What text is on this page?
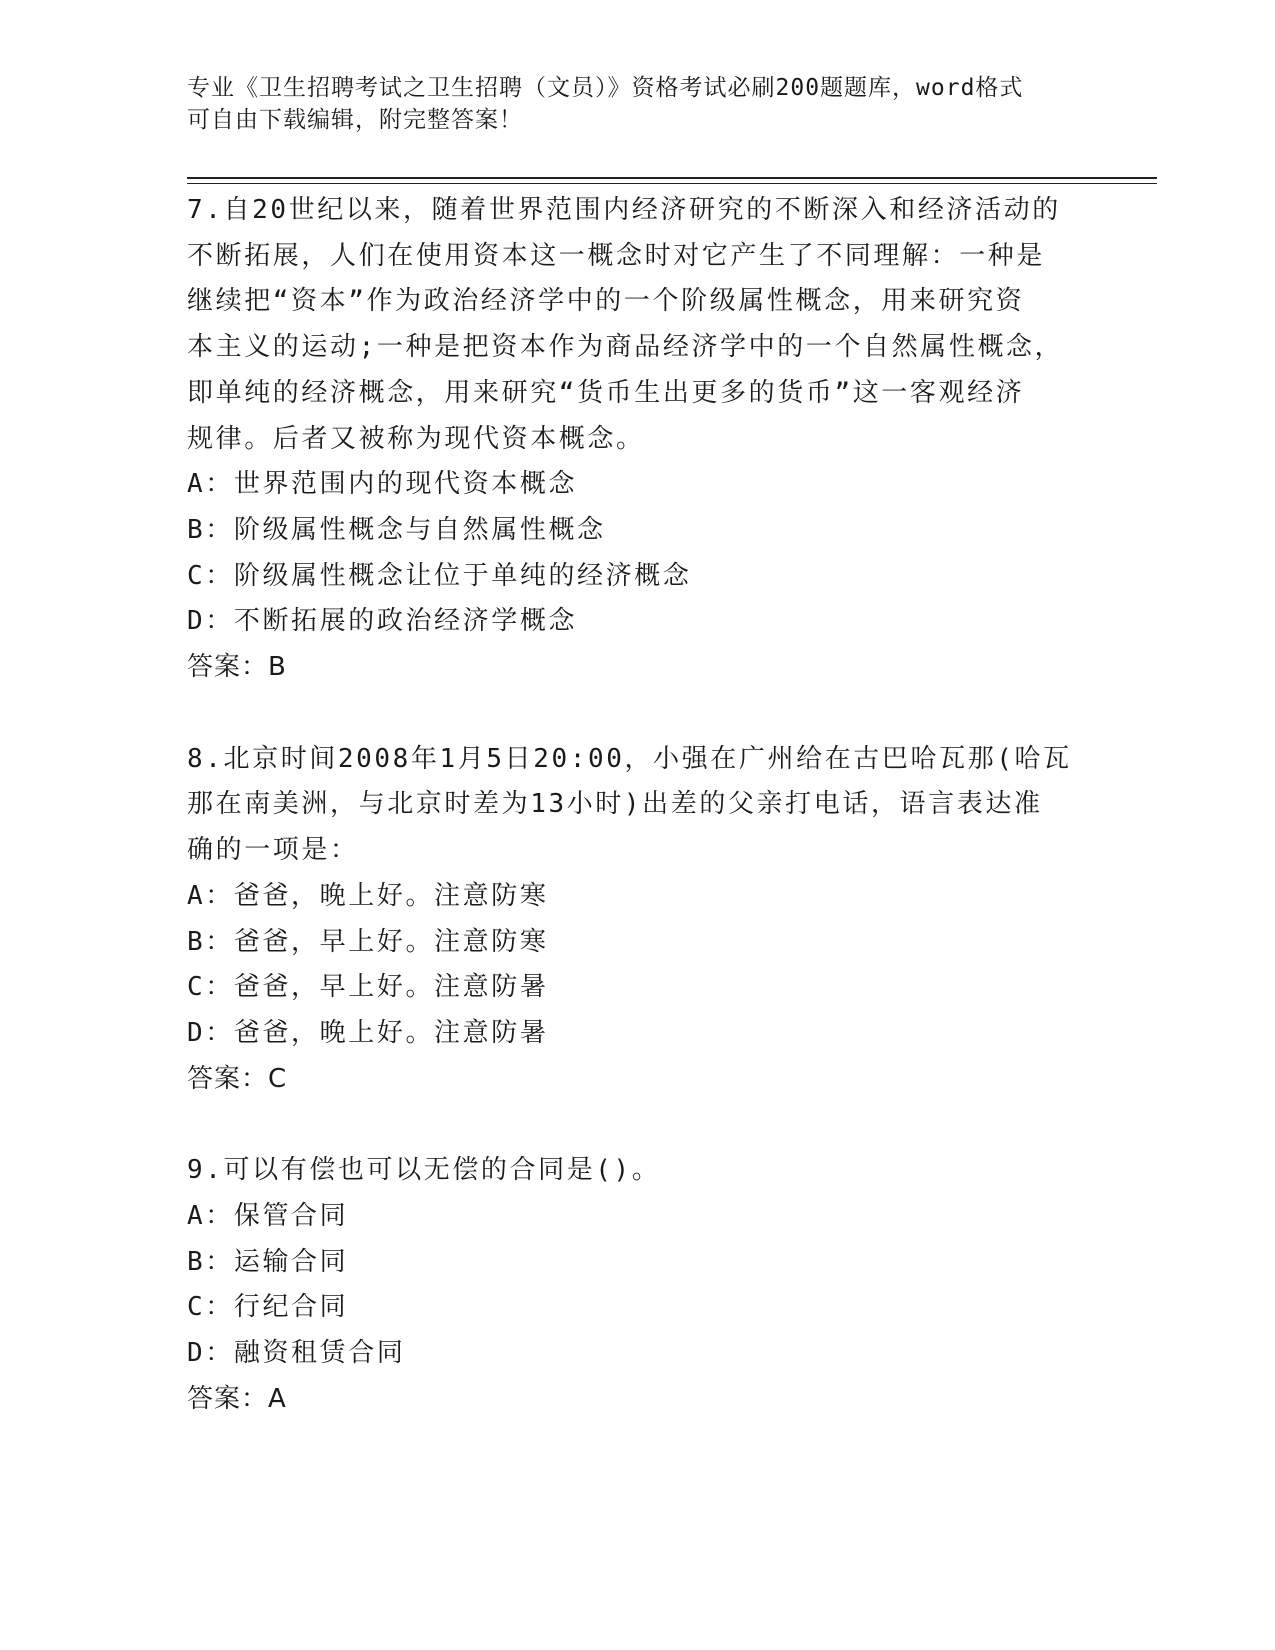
专业《卫生招聘考试之卫生招聘（文员）》资格考试必刷200题题库，word格式
可自由下载编辑，附完整答案！
7.自20世纪以来，随着世界范围内经济研究的不断深入和经济活动的
不断拓展，人们在使用资本这一概念时对它产生了不同理解：一种是
继续把“资本”作为政治经济学中的一个阶级属性概念，用来研究资
本主义的运动;一种是把资本作为商品经济学中的一个自然属性概念，
即单纯的经济概念，用来研究“货币生出更多的货币”这一客观经济
规律。后者又被称为现代资本概念。
A：世界范围内的现代资本概念
B：阶级属性概念与自然属性概念
C：阶级属性概念让位于单纯的经济概念
D：不断拓展的政治经济学概念
答案：B
8.北京时间2008年1月5日20:00，小强在广州给在古巴哈瓦那(哈瓦
那在南美洲，与北京时差为13小时)出差的父亲打电话，语言表达准
确的一项是：
A：爸爸，晚上好。注意防寒
B：爸爸，早上好。注意防寒
C：爸爸，早上好。注意防暑
D：爸爸，晚上好。注意防暑
答案：C
9.可以有偿也可以无偿的合同是()。
A：保管合同
B：运输合同
C：行纪合同
D：融资租赁合同
答案：A
